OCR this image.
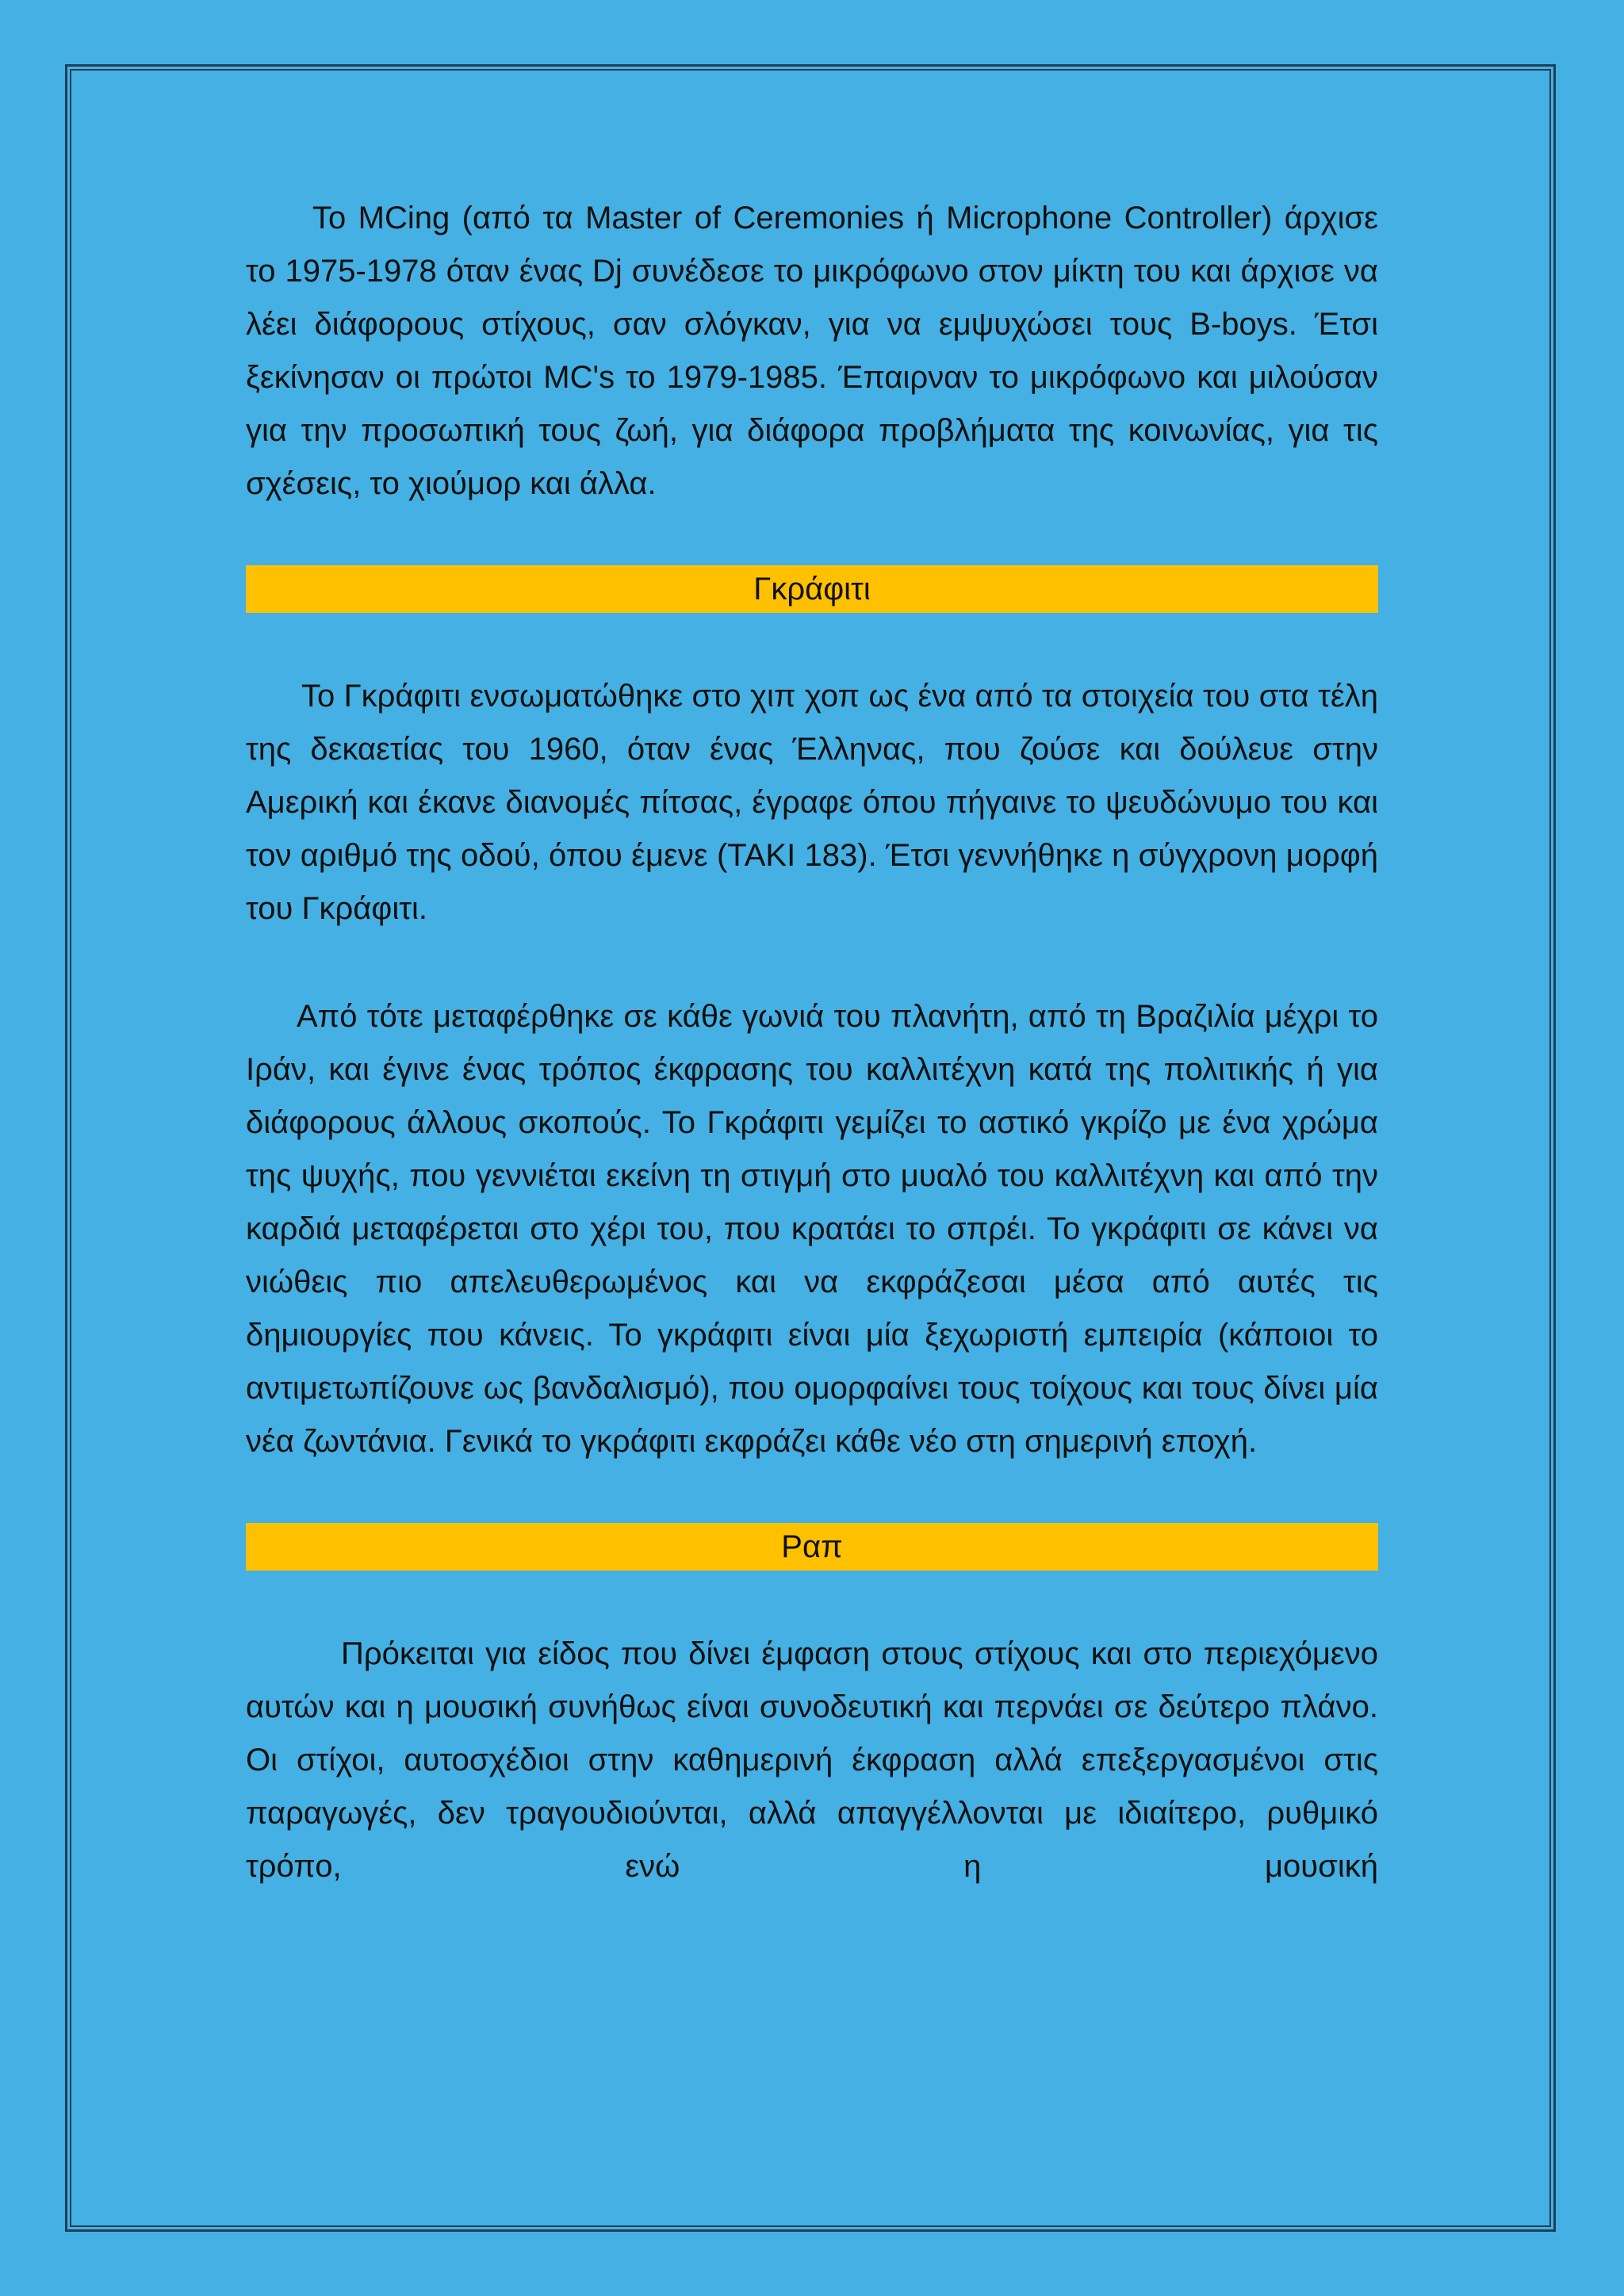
To MCing (από τα Master of Ceremonies ή Microphone Controller) άρχισε το 1975-1978 όταν ένας Dj συνέδεσε το μικρόφωνο στον μίκτη του και άρχισε να λέει διάφορους στίχους, σαν σλόγκαν, για να εμψυχώσει τους B-boys. Έτσι ξεκίνησαν οι πρώτοι MC's το 1979-1985. Έπαιρναν το μικρόφωνο και μιλούσαν για την προσωπική τους ζωή, για διάφορα προβλήματα της κοινωνίας, για τις σχέσεις, το χιούμορ και άλλα.

Γκράφιτι

Το Γκράφιτι ενσωματώθηκε στο χιπ χοπ ως ένα από τα στοιχεία του στα τέλη της δεκαετίας του 1960, όταν ένας Έλληνας, που ζούσε και δούλευε στην Αμερική και έκανε διανομές πίτσας, έγραφε όπου πήγαινε το ψευδώνυμο του και τον αριθμό της οδού, όπου έμενε (TAKI 183). Έτσι γεννήθηκε η σύγχρονη μορφή του Γκράφιτι.

Από τότε μεταφέρθηκε σε κάθε γωνιά του πλανήτη, από τη Βραζιλία μέχρι το Ιράν, και έγινε ένας τρόπος έκφρασης του καλλιτέχνη κατά της πολιτικής ή για διάφορους άλλους σκοπούς. Το Γκράφιτι γεμίζει το αστικό γκρίζο με ένα χρώμα της ψυχής, που γεννιέται εκείνη τη στιγμή στο μυαλό του καλλιτέχνη και από την καρδιά μεταφέρεται στο χέρι του, που κρατάει το σπρέι. Το γκράφιτι σε κάνει να νιώθεις πιο απελευθερωμένος και να εκφράζεσαι μέσα από αυτές τις δημιουργίες που κάνεις. Το γκράφιτι είναι μία ξεχωριστή εμπειρία (κάποιοι το αντιμετωπίζουνε ως βανδαλισμό), που ομορφαίνει τους τοίχους και τους δίνει μία νέα ζωντάνια. Γενικά το γκράφιτι εκφράζει κάθε νέο στη σημερινή εποχή.

Ραπ

Πρόκειται για είδος που δίνει έμφαση στους στίχους και στο περιεχόμενο αυτών και η μουσική συνήθως είναι συνοδευτική και περνάει σε δεύτερο πλάνο. Οι στίχοι, αυτοσχέδιοι στην καθημερινή έκφραση αλλά επεξεργασμένοι στις παραγωγές, δεν τραγουδιούνται, αλλά απαγγέλλονται με ιδιαίτερο, ρυθμικό τρόπο, ενώ η μουσική
